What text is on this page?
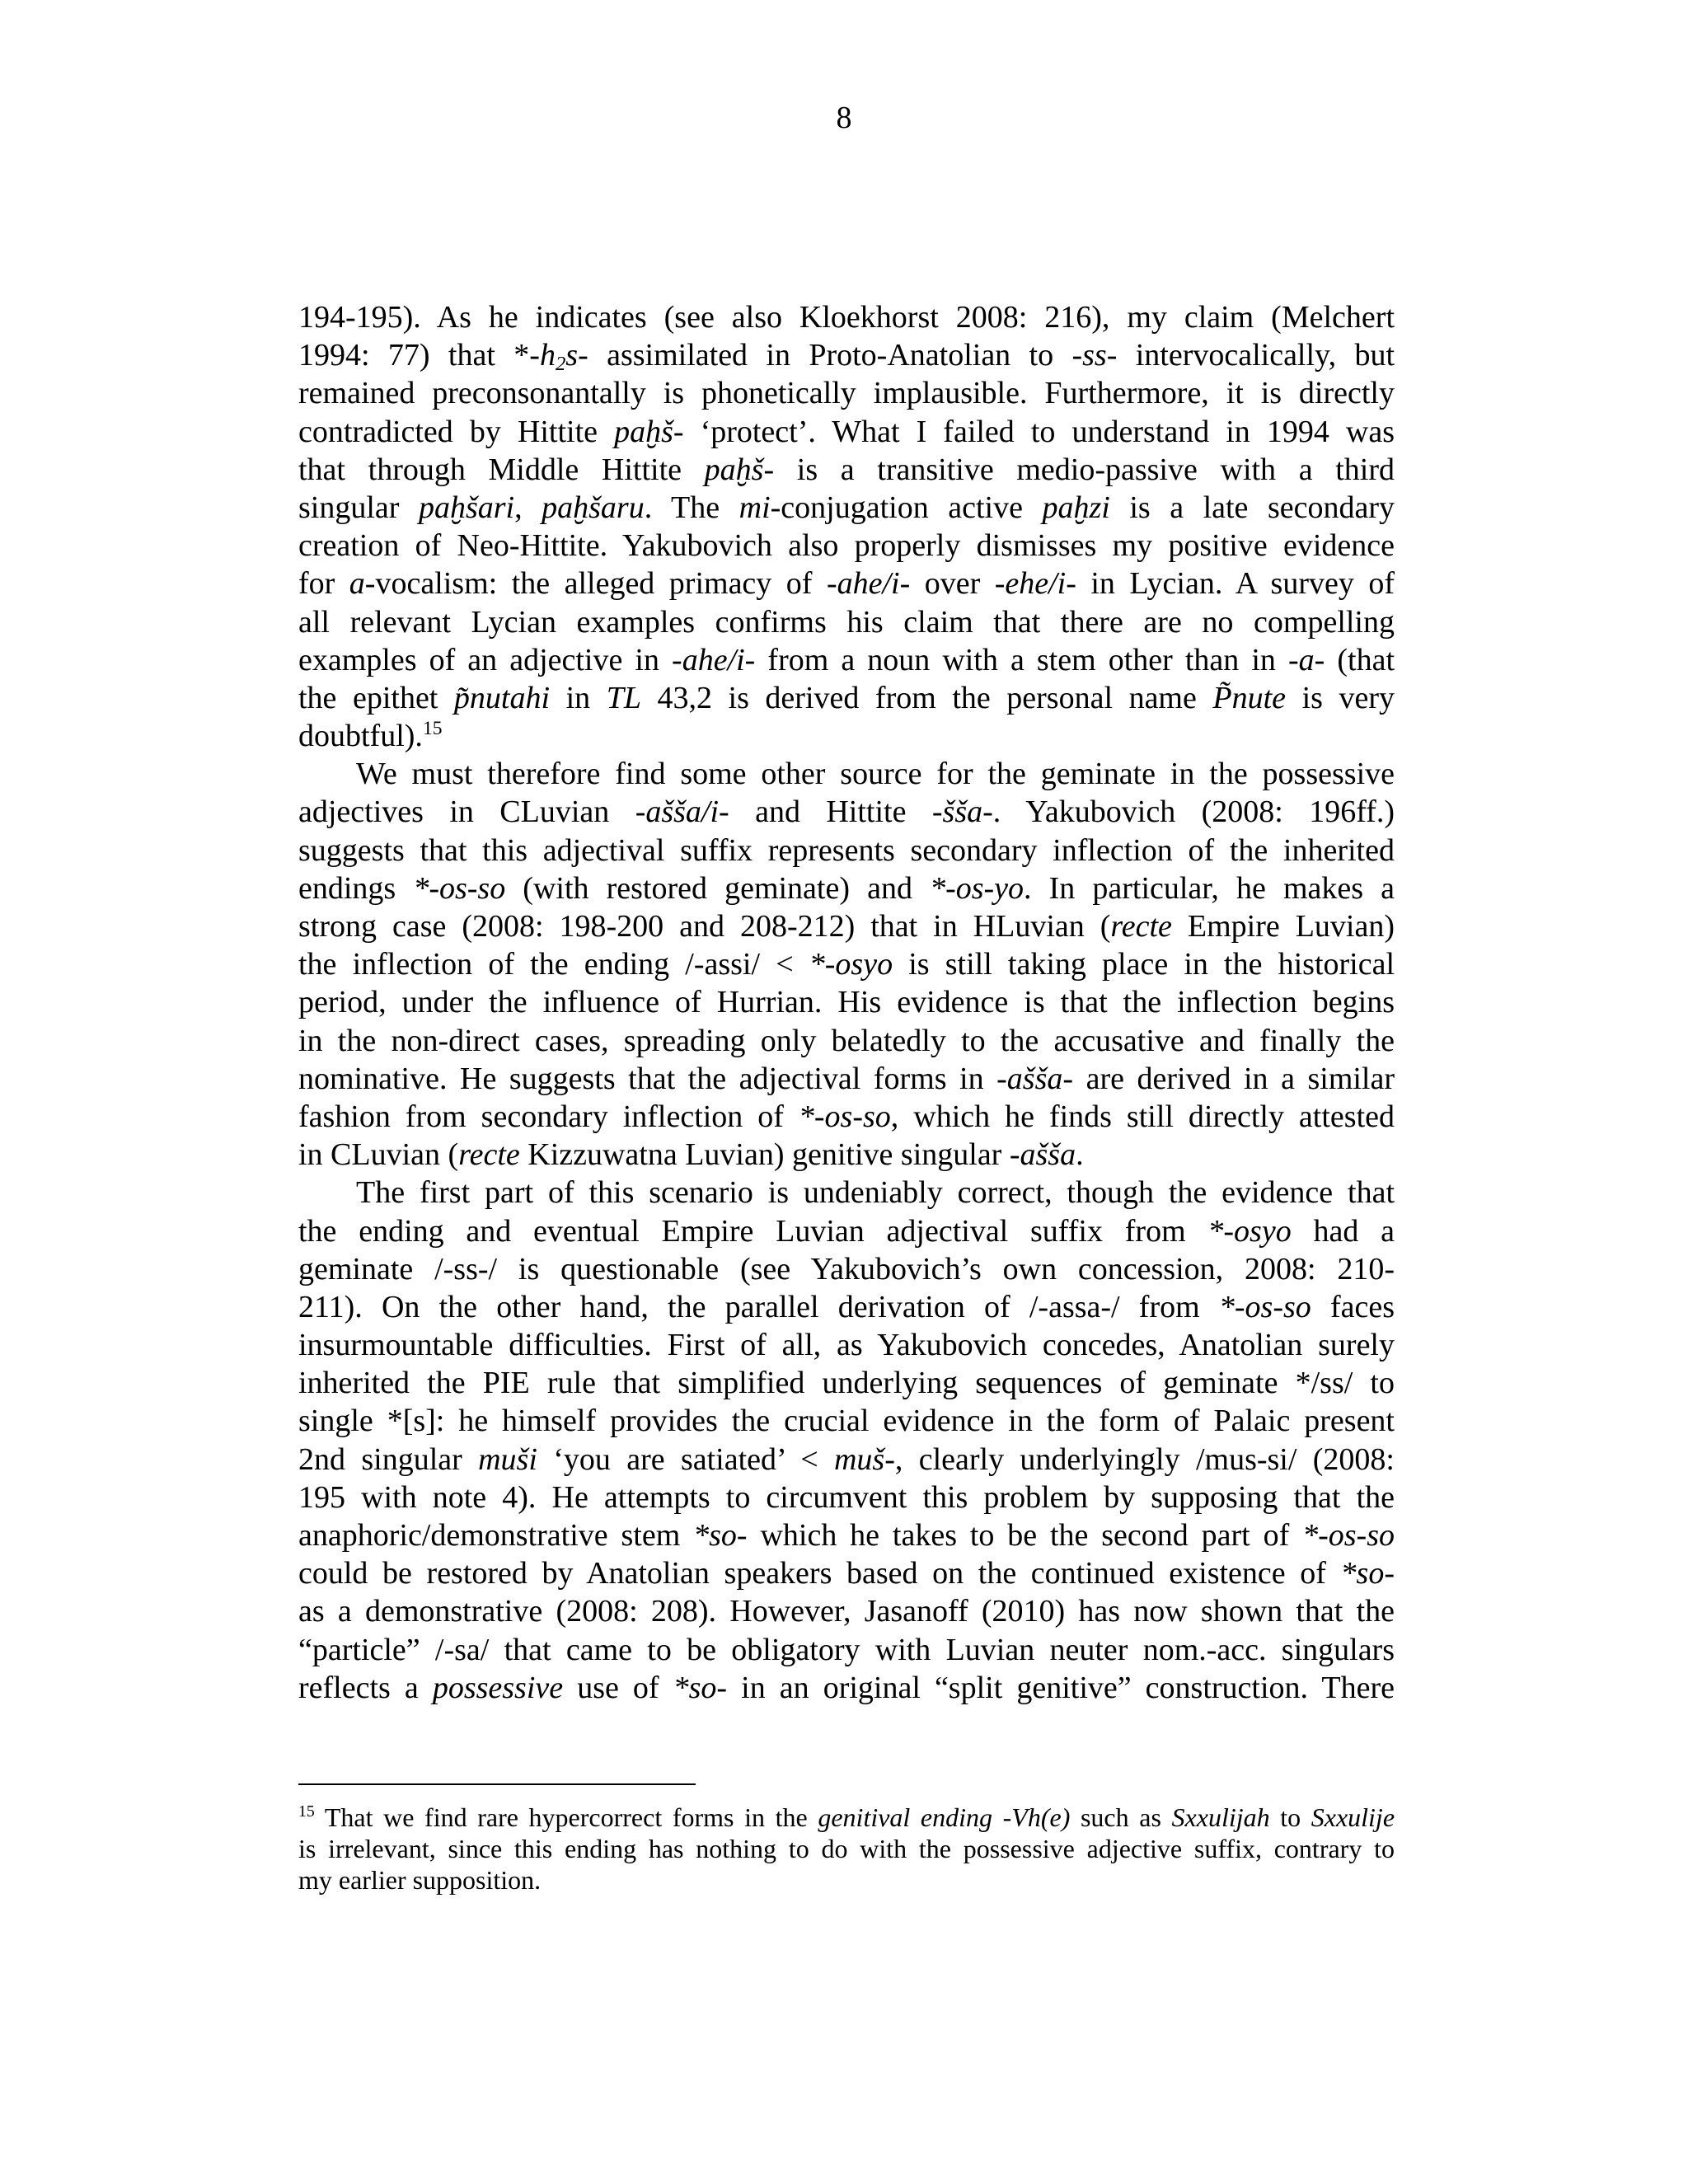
8
194-195). As he indicates (see also Kloekhorst 2008: 216), my claim (Melchert
1994: 77) that $*-h_2s-$ assimilated in Proto-Anatolian to -ss- intervocalically, but
remained preconsonantally is phonetically implausible. Furthermore, it is directly
contradicted by Hittite paḫš- ‘protect’. What I failed to understand in 1994 was
that through Middle Hittite paḫš- is a transitive medio-passive with a third
singular paḫšari, paḫšaru. The mi-conjugation active paḫzi is a late secondary
creation of Neo-Hittite. Yakubovich also properly dismisses my positive evidence
for a-vocalism: the alleged primacy of -ahe/i- over -ehe/i- in Lycian. A survey of
all relevant Lycian examples confirms his claim that there are no compelling
examples of an adjective in -ahe/i- from a noun with a stem other than in -a- (that
the epithet p̃nutahi in TL 43,2 is derived from the personal name P̃nute is very
doubtful).$^{15}$
We must therefore find some other source for the geminate in the possessive
adjectives in CLuvian -ašša/i- and Hittite -šša-. Yakubovich (2008: 196ff.)
suggests that this adjectival suffix represents secondary inflection of the inherited
endings *-os-so (with restored geminate) and *-os-yo. In particular, he makes a
strong case (2008: 198-200 and 208-212) that in HLuvian (recte Empire Luvian)
the inflection of the ending /-assi/ < *-osyo is still taking place in the historical
period, under the influence of Hurrian. His evidence is that the inflection begins
in the non-direct cases, spreading only belatedly to the accusative and finally the
nominative. He suggests that the adjectival forms in -ašša- are derived in a similar
fashion from secondary inflection of *-os-so, which he finds still directly attested
in CLuvian (recte Kizzuwatna Luvian) genitive singular -ašša.
The first part of this scenario is undeniably correct, though the evidence that
the ending and eventual Empire Luvian adjectival suffix from *-osyo had a
geminate /-ss-/ is questionable (see Yakubovich’s own concession, 2008: 210-
211). On the other hand, the parallel derivation of /-assa-/ from *-os-so faces
insurmountable difficulties. First of all, as Yakubovich concedes, Anatolian surely
inherited the PIE rule that simplified underlying sequences of geminate */ss/ to
single *[s]: he himself provides the crucial evidence in the form of Palaic present
2nd singular muši ‘you are satiated’ < muš-, clearly underlyingly /mus-si/ (2008:
195 with note 4). He attempts to circumvent this problem by supposing that the
anaphoric/demonstrative stem *so- which he takes to be the second part of *-os-so
could be restored by Anatolian speakers based on the continued existence of *so-
as a demonstrative (2008: 208). However, Jasanoff (2010) has now shown that the
“particle” /-sa/ that came to be obligatory with Luvian neuter nom.-acc. singulars
reflects a possessive use of *so- in an original “split genitive” construction. There
$^{15}$ That we find rare hypercorrect forms in the genitival ending -Vh(e) such as Sxxulijah to Sxxulije
is irrelevant, since this ending has nothing to do with the possessive adjective suffix, contrary to
my earlier supposition.
